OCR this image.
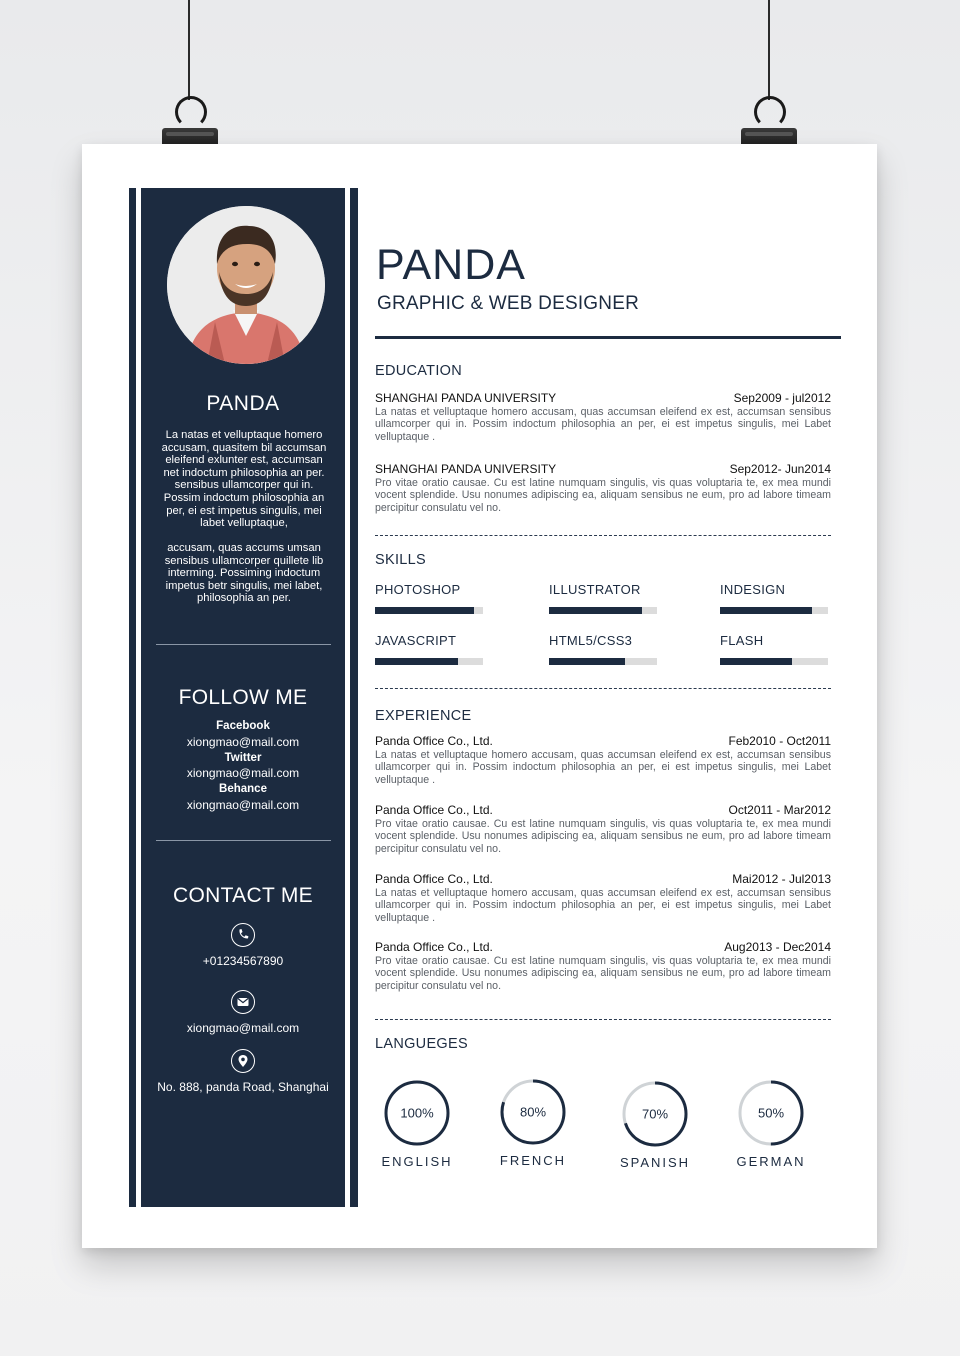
PANDA
La natas et velluptaque homero accusam, quasitem bil accumsan eleifend exlunter est, accumsan net indoctum philosophia an per. sensibus ullamcorper qui in. Possim indoctum philosophia an per, ei est impetus singulis, mei labet velluptaque,
accusam, quas accums umsan sensibus ullamcorper quillete lib interming. Possiming indoctum impetus betr singulis, mei labet, philosophia an per.
FOLLOW ME
Facebook
xiongmao@mail.com
Twitter
xiongmao@mail.com
Behance
xiongmao@mail.com
CONTACT ME
+01234567890
xiongmao@mail.com
No. 888, panda Road, Shanghai
PANDA
GRAPHIC & WEB DESIGNER
EDUCATION
SHANGHAI PANDA UNIVERSITY	Sep2009 - jul2012
La natas et velluptaque homero accusam, quas accumsan eleifend ex est, accumsan sensibus ullamcorper qui in. Possim indoctum philosophia an per, ei est impetus singulis, mei Labet velluptaque .
SHANGHAI PANDA UNIVERSITY	Sep2012- Jun2014
Pro vitae oratio causae. Cu est latine numquam singulis, vis quas voluptaria te, ex mea mundi vocent splendide. Usu nonumes adipiscing ea, aliquam sensibus ne eum, pro ad labore timeam percipitur consulatu vel no.
SKILLS
PHOTOSHOP	ILLUSTRATOR	INDESIGN
JAVASCRIPT	HTML5/CSS3	FLASH
EXPERIENCE
Panda Office Co., Ltd.	Feb2010 - Oct2011
La natas et velluptaque homero accusam, quas accumsan eleifend ex est, accumsan sensibus ullamcorper qui in. Possim indoctum philosophia an per, ei est impetus singulis, mei Labet velluptaque .
Panda Office Co., Ltd.	Oct2011 - Mar2012
Pro vitae oratio causae. Cu est latine numquam singulis, vis quas voluptaria te, ex mea mundi vocent splendide. Usu nonumes adipiscing ea, aliquam sensibus ne eum, pro ad labore timeam percipitur consulatu vel no.
Panda Office Co., Ltd.	Mai2012 - Jul2013
La natas et velluptaque homero accusam, quas accumsan eleifend ex est, accumsan sensibus ullamcorper qui in. Possim indoctum philosophia an per, ei est impetus singulis, mei Labet velluptaque .
Panda Office Co., Ltd.	Aug2013 - Dec2014
Pro vitae oratio causae. Cu est latine numquam singulis, vis quas voluptaria te, ex mea mundi vocent splendide. Usu nonumes adipiscing ea, aliquam sensibus ne eum, pro ad labore timeam percipitur consulatu vel no.
LANGUEGES
100%
ENGLISH
80%
FRENCH
70%
SPANISH
50%
GERMAN
